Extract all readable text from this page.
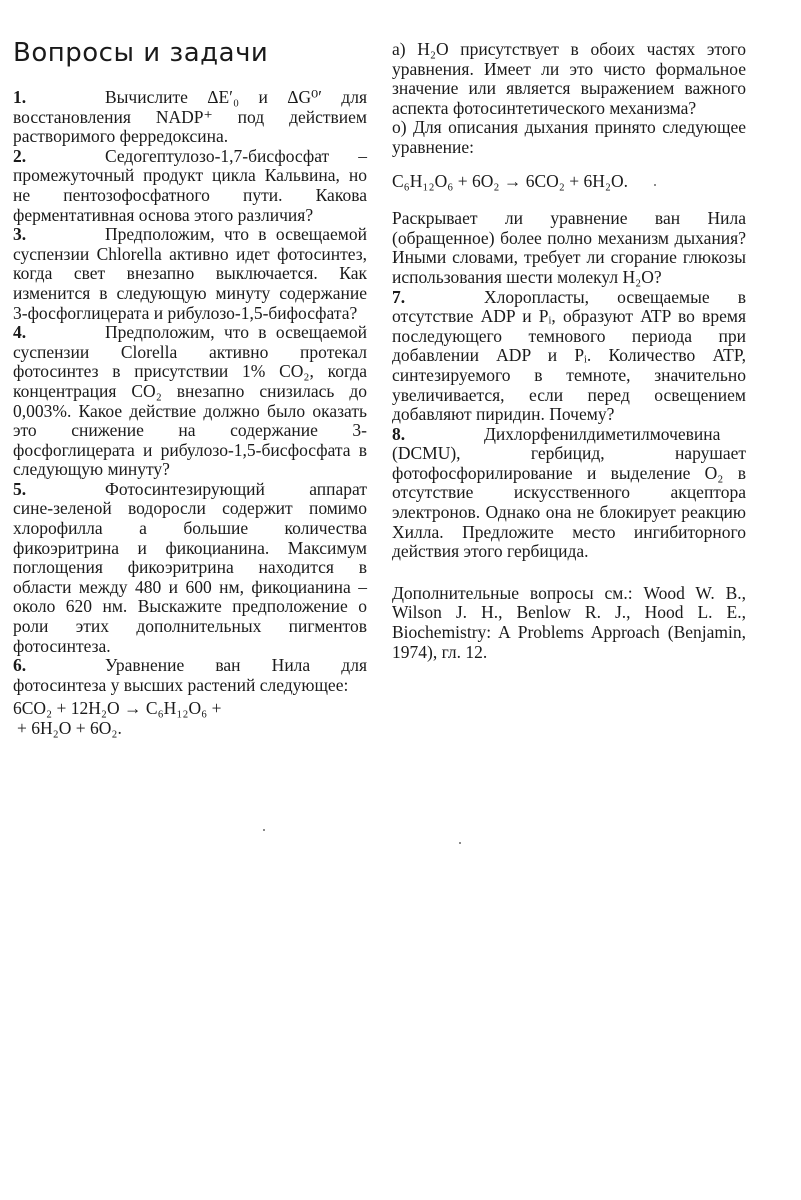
Вопросы и задачи
1.	Вычислите ΔE′₀ и ΔG⁰′ для восстановления NADP⁺ под действием растворимого ферредоксина.
2.	Седогептулозо-1,7-бисфосфат – промежуточный продукт цикла Кальвина, но не пентозофосфатного пути. Какова ферментативная основа этого различия?
3.	Предположим, что в освещаемой суспензии Chlorella активно идет фотосинтез, когда свет внезапно выключается. Как изменится в следующую минуту содержание 3-фосфоглицерата и рибулозо-1,5-бифосфата?
4.	Предположим, что в освещаемой суспензии Clorella активно протекал фотосинтез в присутствии 1% CO₂, когда концентрация CO₂ внезапно снизилась до 0,003%. Какое действие должно было оказать это снижение на содержание 3-фосфоглицерата и рибулозо-1,5-бисфосфата в следующую минуту?
5.	Фотосинтезирующий аппарат сине-зеленой водоросли содержит помимо хлорофилла a большие количества фикоэритрина и фикоцианина. Максимум поглощения фикоэритрина находится в области между 480 и 600 нм, фикоцианина – около 620 нм. Выскажите предположение о роли этих дополнительных пигментов фотосинтеза.
6.	Уравнение ван Нила для фотосинтеза у высших растений следующее:
6CO₂ + 12H₂O → C₆H₁₂O₆ +
+ 6H₂O + 6O₂.

а) H₂O присутствует в обоих частях этого уравнения. Имеет ли это чисто формальное значение или является выражением важного аспекта фотосинтетического механизма?

о) Для описания дыхания принято следующее уравнение:

C₆H₁₂O₆ + 6O₂ → 6CO₂ + 6H₂O.

Раскрывает ли уравнение ван Нила (обращенное) более полно механизм дыхания? Иными словами, требует ли сгорание глюкозы использования шести молекул H₂O?

7.	Хлоропласты, освещаемые в отсутствие ADP и Pᵢ, образуют ATP во время последующего темнового периода при добавлении ADP и Pᵢ. Количество ATP, синтезируемого в темноте, значительно увеличивается, если перед освещением добавляют пиридин. Почему?
8.	Дихлорфенилдиметилмочевина (DCMU), гербицид, нарушает фотофосфорилирование и выделение O₂ в отсутствие искусственного акцептора электронов. Однако она не блокирует реакцию Хилла. Предложите место ингибиторного действия этого гербицида.

Дополнительные вопросы см.: Wood W. B., Wilson J. H., Benlow R. J., Hood L. E., Biochemistry: A Problems Approach (Benjamin, 1974), гл. 12.
